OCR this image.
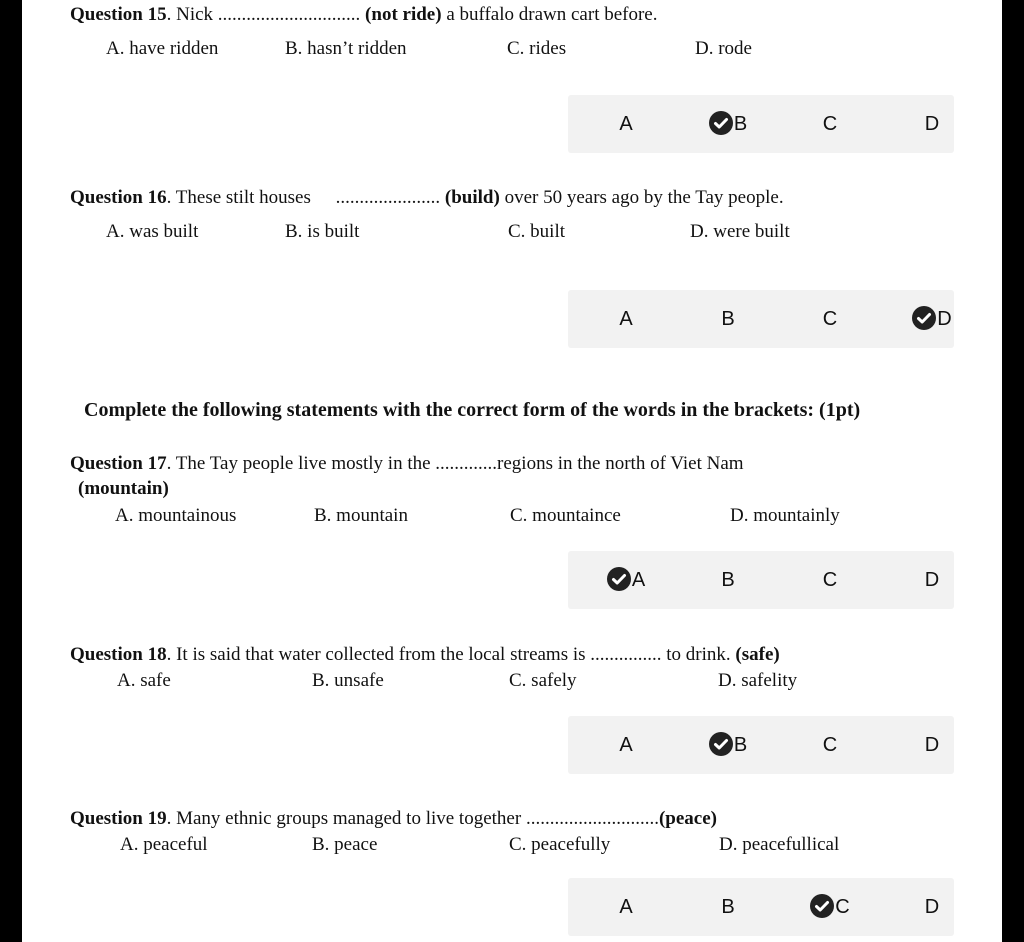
Question 15. Nick .............................. (not ride) a buffalo drawn cart before.
A. have ridden	B. hasn’t ridden	C. rides	D. rode
A	B	C	D
Question 16. These stilt houses ...................... (build) over 50 years ago by the Tay people.
A. was built	B. is built	C. built	D. were built
A	B	C	D
Complete the following statements with the correct form of the words in the brackets: (1pt)
Question 17. The Tay people live mostly in the .............regions in the north of Viet Nam
(mountain)
A. mountainous	B. mountain	C. mountaince	D. mountainly
A	B	C	D
Question 18. It is said that water collected from the local streams is ............... to drink. (safe)
A. safe	B. unsafe	C. safely	D. safelity
A	B	C	D
Question 19. Many ethnic groups managed to live together ............................(peace)
A. peaceful	B. peace	C. peacefully	D. peacefullical
A	B	C	D
